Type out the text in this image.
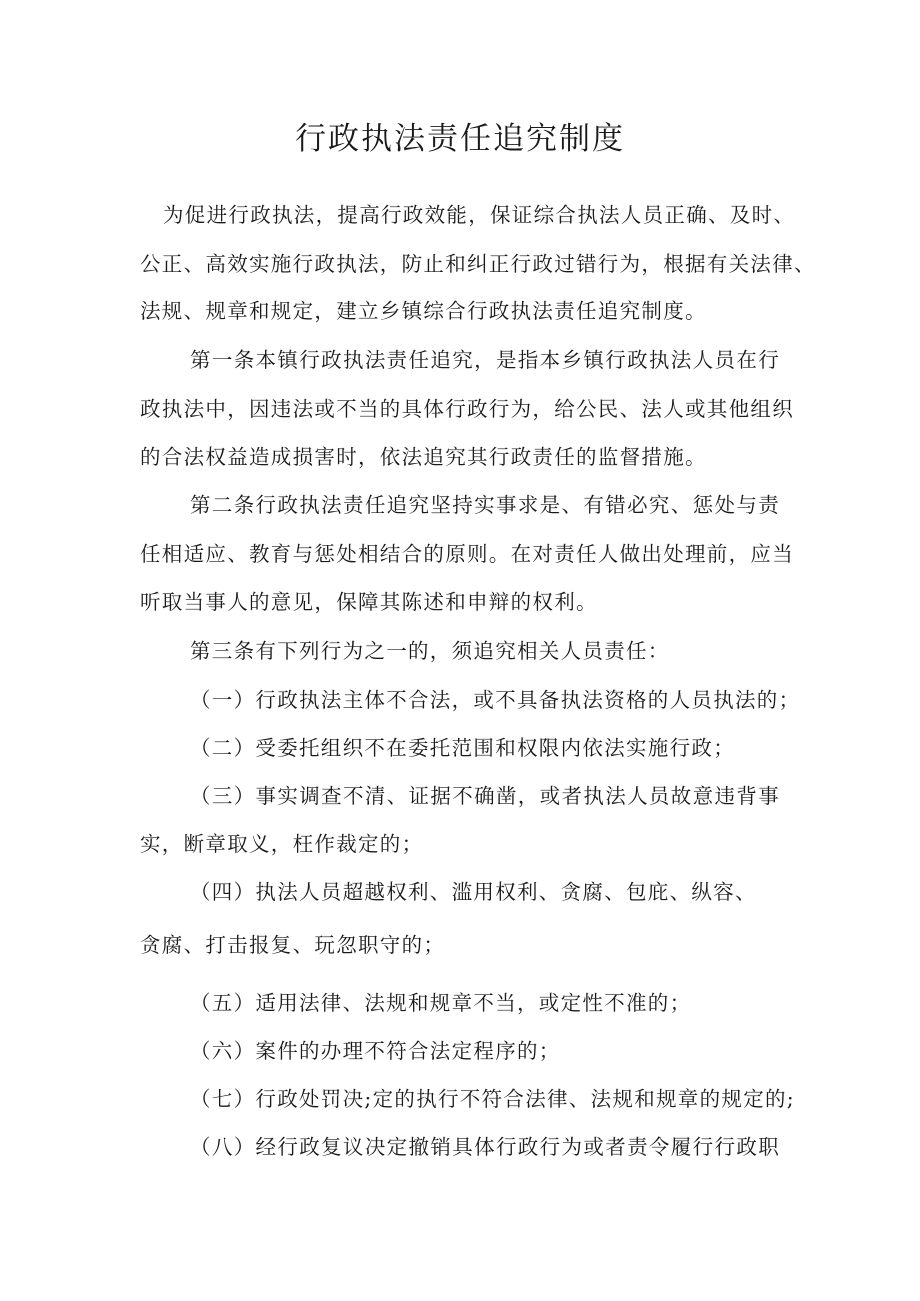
行政执法责任追究制度

为促进行政执法，提高行政效能，保证综合执法人员正确、及时、

公正、高效实施行政执法，防止和纠正行政过错行为，根据有关法律、

法规、规章和规定，建立乡镇综合行政执法责任追究制度。

第一条本镇行政执法责任追究，是指本乡镇行政执法人员在行

政执法中，因违法或不当的具体行政行为，给公民、法人或其他组织

的合法权益造成损害时，依法追究其行政责任的监督措施。

第二条行政执法责任追究坚持实事求是、有错必究、惩处与责

任相适应、教育与惩处相结合的原则。在对责任人做出处理前，应当

听取当事人的意见，保障其陈述和申辩的权利。

第三条有下列行为之一的，须追究相关人员责任：

（一）行政执法主体不合法，或不具备执法资格的人员执法的；

（二）受委托组织不在委托范围和权限内依法实施行政；

（三）事实调查不清、证据不确凿，或者执法人员故意违背事

实，断章取义，枉作裁定的；

（四）执法人员超越权利、滥用权利、贪腐、包庇、纵容、

贪腐、打击报复、玩忽职守的；

（五）适用法律、法规和规章不当，或定性不准的；

（六）案件的办理不符合法定程序的；

（七）行政处罚决;定的执行不符合法律、法规和规章的规定的;

（八）经行政复议决定撤销具体行政行为或者责令履行行政职
